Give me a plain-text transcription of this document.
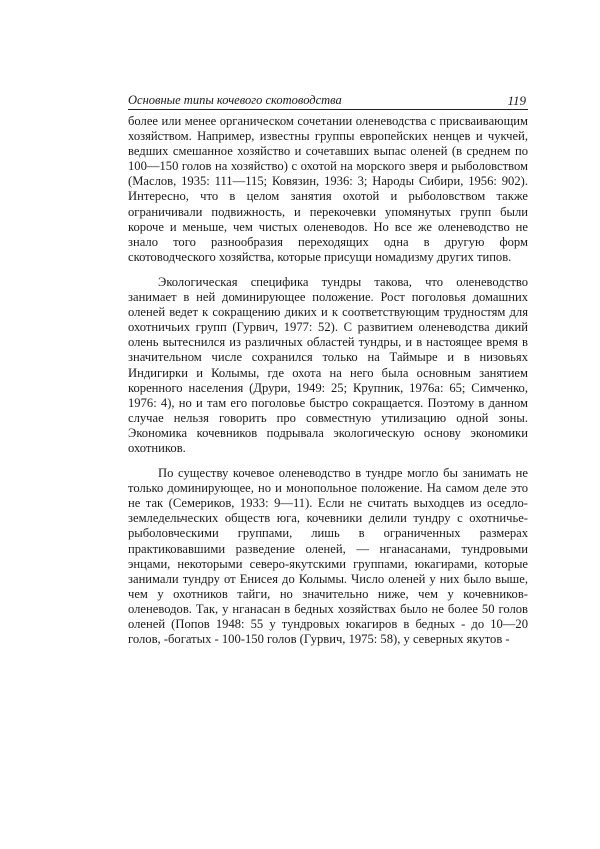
Основные типы кочевого скотоводства	119

более или менее органическом сочетании оленеводства с присваивающим хозяйством. Например, известны группы европейских ненцев и чукчей, ведших смешанное хозяйство и сочетавших выпас оленей (в среднем по 100—150 голов на хозяйство) с охотой на морского зверя и рыболовством (Маслов, 1935: 111—115; Ковязин, 1936: 3; Народы Сибири, 1956: 902). Интересно, что в целом занятия охотой и рыболовством также ограничивали подвижность, и перекочевки упомянутых групп были короче и меньше, чем чистых оленеводов. Но все же оленеводство не знало того разнообразия переходящих одна в другую форм скотоводческого хозяйства, которые присущи номадизму других типов.

Экологическая специфика тундры такова, что оленеводство занимает в ней доминирующее положение. Рост поголовья домашних оленей ведет к сокращению диких и к соответствующим трудностям для охотничьих групп (Гурвич, 1977: 52). С развитием оленеводства дикий олень вытеснился из различных областей тундры, и в настоящее время в значительном числе сохранился только на Таймыре и в низовьях Индигирки и Колымы, где охота на него была основным занятием коренного населения (Друри, 1949: 25; Крупник, 1976а: 65; Симченко, 1976: 4), но и там его поголовье быстро сокращается. Поэтому в данном случае нельзя говорить про совместную утилизацию одной зоны. Экономика кочевников подрывала экологическую основу экономики охотников.

По существу кочевое оленеводство в тундре могло бы занимать не только доминирующее, но и монопольное положение. На самом деле это не так (Семериков, 1933: 9—11). Если не считать выходцев из оседло-земледельческих обществ юга, кочевники делили тундру с охотничье-рыболовческими группами, лишь в ограниченных размерах практиковавшими разведение оленей, — нганасанами, тундровыми энцами, некоторыми северо-якутскими группами, юкагирами, которые занимали тундру от Енисея до Колымы. Число оленей у них было выше, чем у охотников тайги, но значительно ниже, чем у кочевников-оленеводов. Так, у нганасан в бедных хозяйствах было не более 50 голов оленей (Попов 1948: 55 у тундровых юкагиров в бедных - до 10—20 голов, -богатых - 100-150 голов (Гурвич, 1975: 58), у северных якутов -
